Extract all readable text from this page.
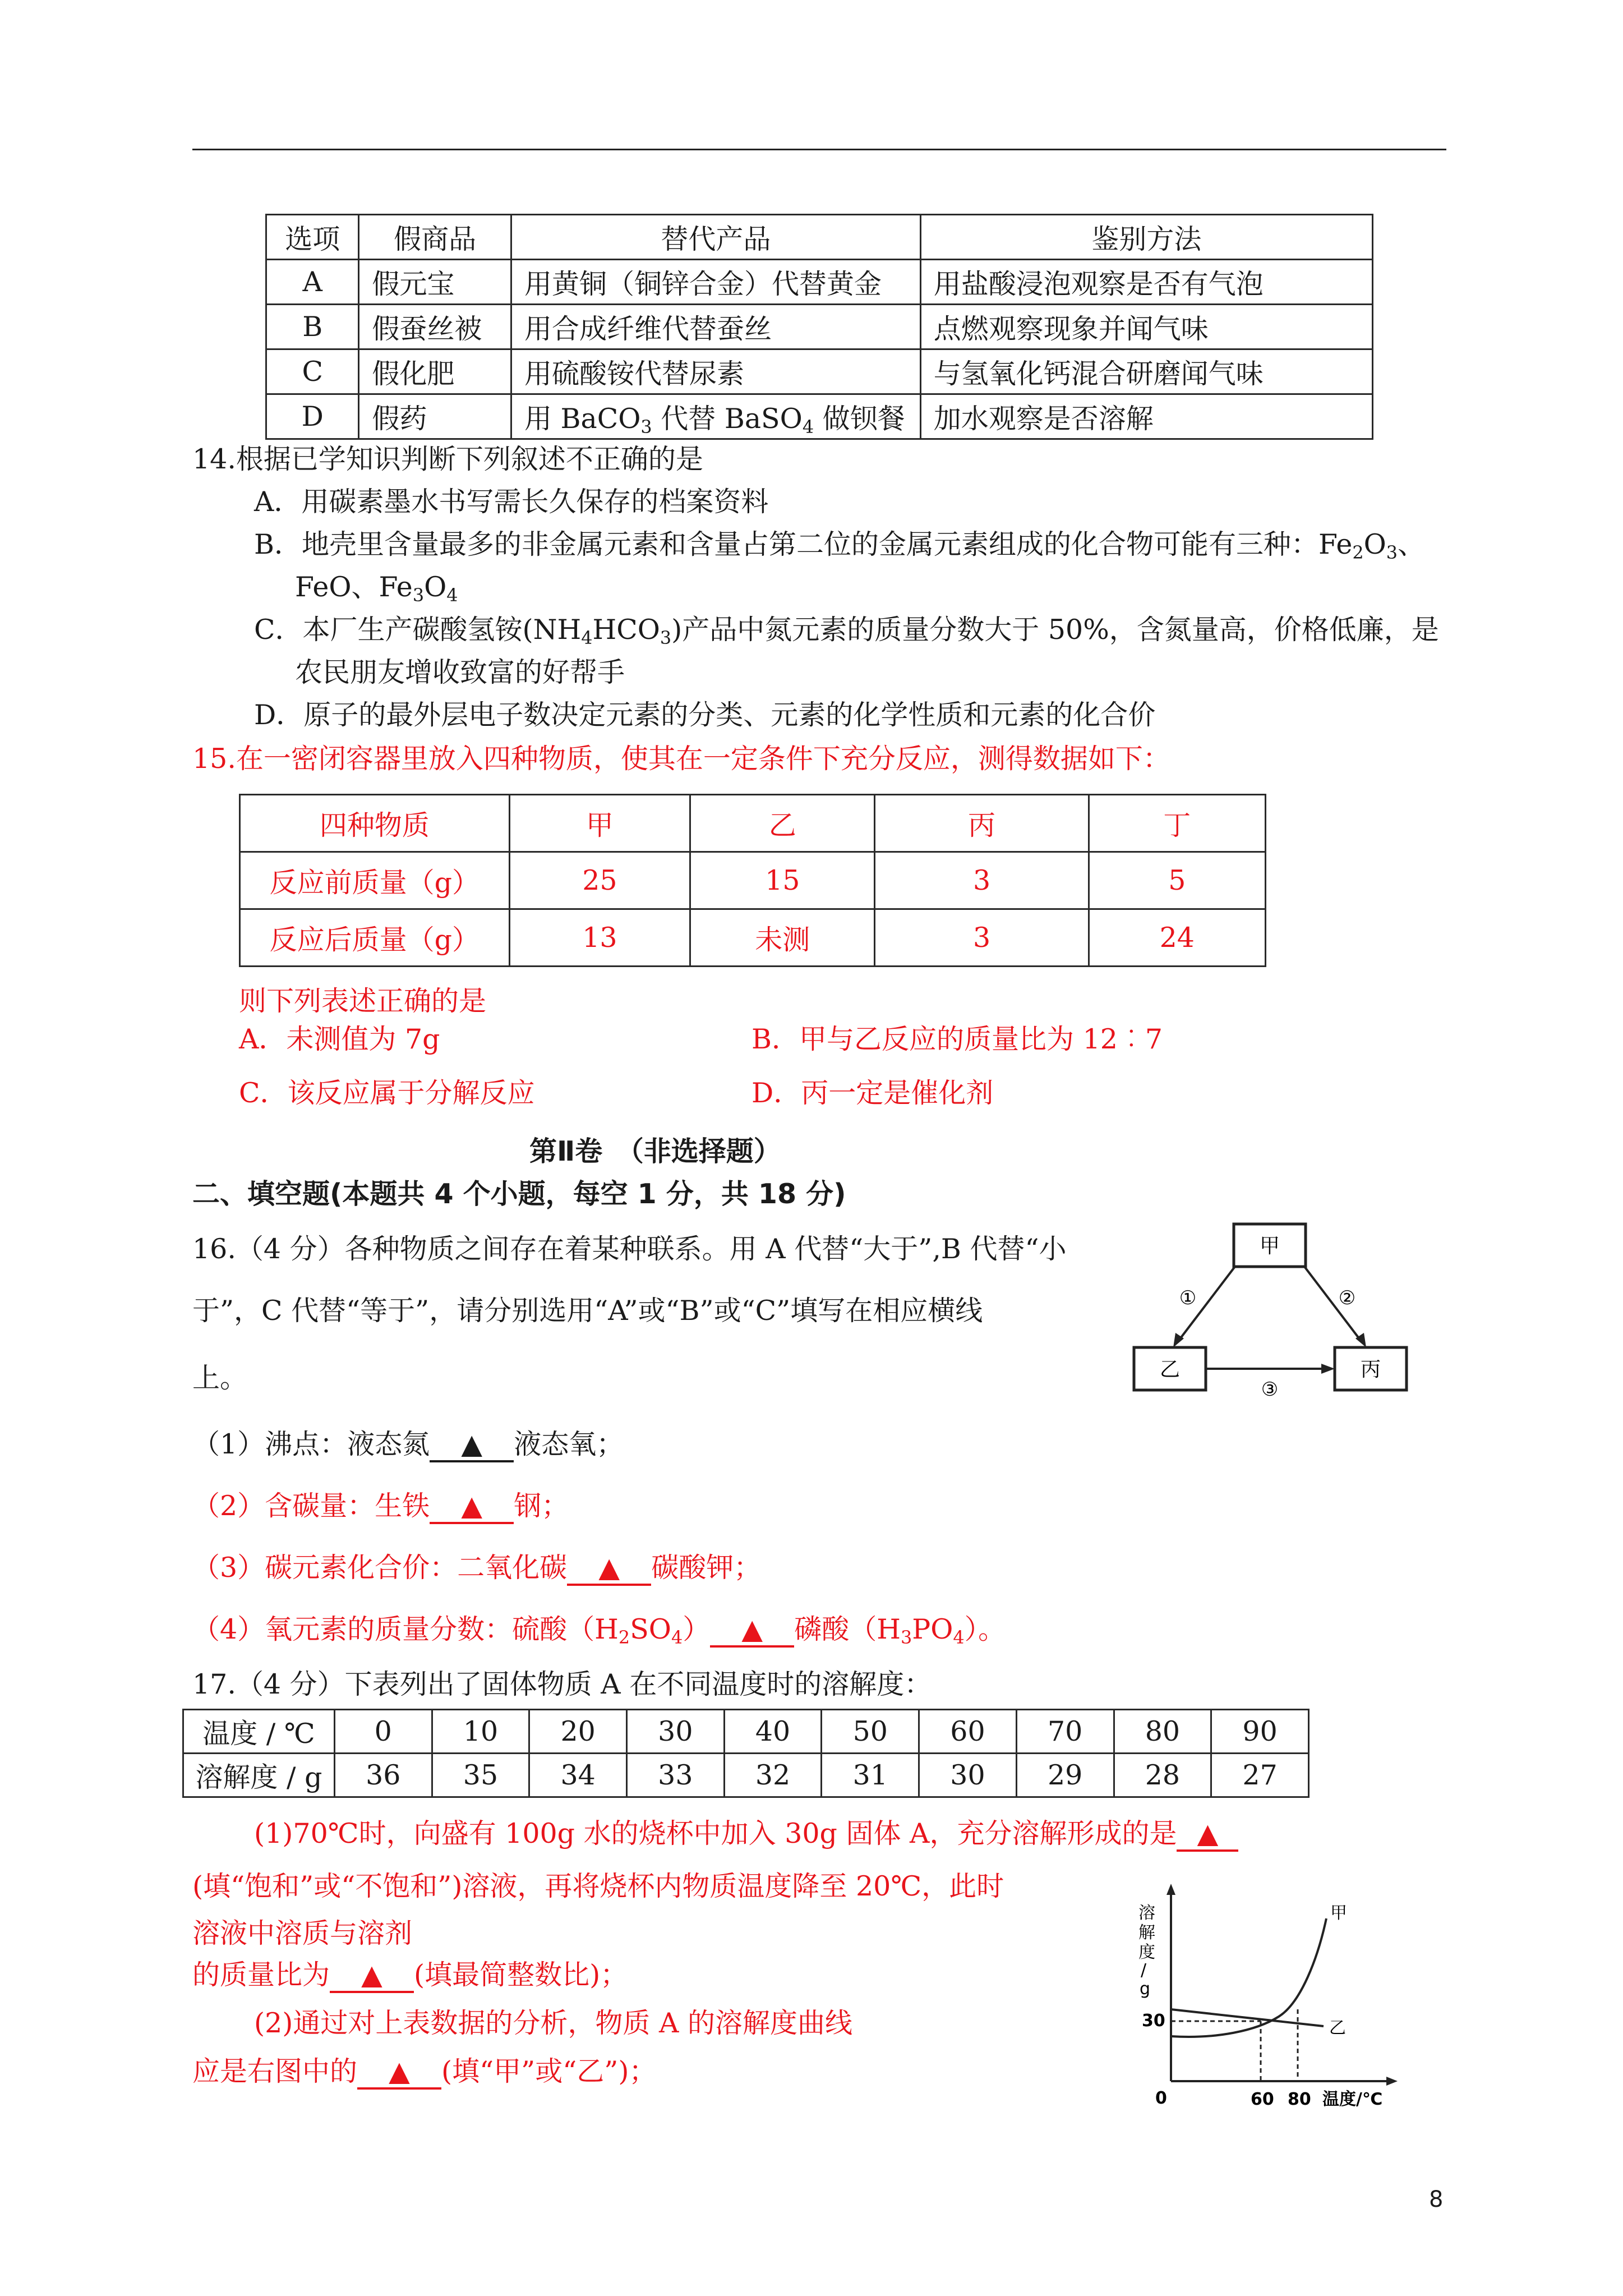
选项	假商品	替代产品	鉴别方法
A	假元宝	用黄铜（铜锌合金）代替黄金	用盐酸浸泡观察是否有气泡
B	假蚕丝被	用合成纤维代替蚕丝	点燃观察现象并闻气味
C	假化肥	用硫酸铵代替尿素	与氢氧化钙混合研磨闻气味
D	假药	用 BaCO$_3$ 代替 BaSO$_4$ 做钡餐	加水观察是否溶解
14.根据已学知识判断下列叙述不正确的是
A．用碳素墨水书写需长久保存的档案资料
B．地壳里含量最多的非金属元素和含量占第二位的金属元素组成的化合物可能有三种：$Fe_2O_3$、
FeO、$Fe_3O_4$
C．本厂生产碳酸氢铵$(NH_4HCO_3)$产品中氮元素的质量分数大于 50%，含氮量高，价格低廉，是
农民朋友增收致富的好帮手
D．原子的最外层电子数决定元素的分类、元素的化学性质和元素的化合价
15.在一密闭容器里放入四种物质，使其在一定条件下充分反应，测得数据如下：
四种物质	甲	乙	丙	丁
反应前质量（g）	25	15	3	5
反应后质量（g）	13	未测	3	24
则下列表述正确的是
A．未测值为 7g	B．甲与乙反应的质量比为 12︰7
C．该反应属于分解反应	D．丙一定是催化剂
第Ⅱ卷　（非选择题）
二、填空题(本题共 4 个小题，每空 1 分，共 18 分)
16.（4 分）各种物质之间存在着某种联系。用 A 代替“大于”,B 代替“小
于”，C 代替“等于”，请分别选用“A”或“B”或“C”填写在相应横线
上。
（1）沸点：液态氮 ▲ 液态氧；
（2）含碳量：生铁 ▲ 钢；
（3）碳元素化合价：二氧化碳 ▲ 碳酸钾；
（4）氧元素的质量分数：硫酸$(H_2SO_4)$ ▲ 磷酸$(H_3PO_4)$。
甲
乙	丙
①	②
③
17.（4 分）下表列出了固体物质 A 在不同温度时的溶解度：
温度 / ℃	0	10	20	30	40	50	60	70	80	90
溶解度 / g	36	35	34	33	32	31	30	29	28	27
(1)70℃时，向盛有 100g 水的烧杯中加入 30g 固体 A，充分溶解形成的是 ▲
(填“饱和”或“不饱和”)溶液，再将烧杯内物质温度降至 20℃，此时
溶液中溶质与溶剂
的质量比为 ▲ (填最简整数比)；
(2)通过对上表数据的分析，物质 A 的溶解度曲线
应是右图中的 ▲ (填“甲”或“乙”)；
溶
解
度
/
g
30
0	60 80 温度/℃
甲
乙
8
